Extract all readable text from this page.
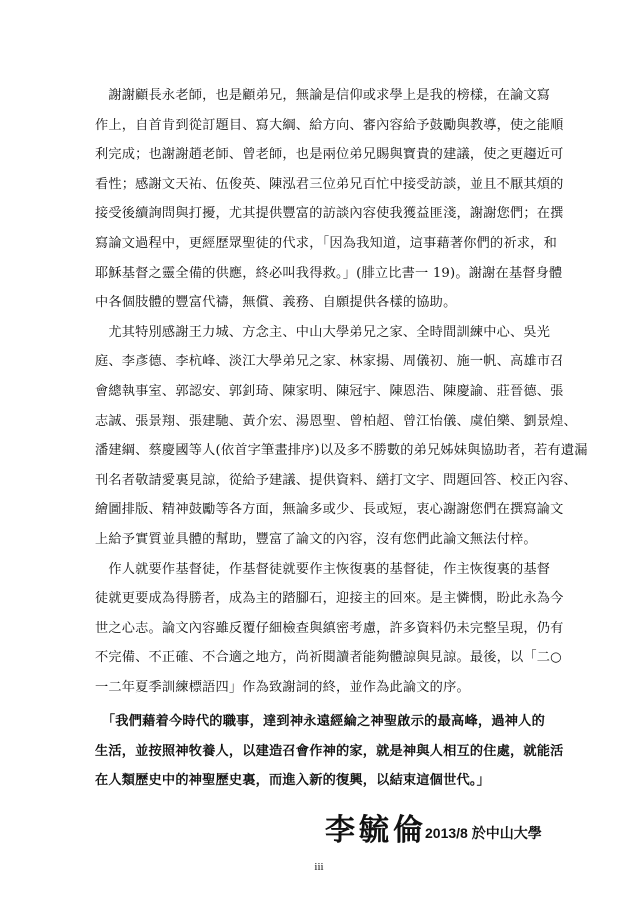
　謝謝顧長永老師，也是顧弟兄，無論是信仰或求學上是我的榜樣，在論文寫
作上，自首肯到從訂題目、寫大綱、給方向、審內容給予鼓勵與教導，使之能順
利完成；也謝謝趙老師、曾老師，也是兩位弟兄賜與寶貴的建議，使之更趨近可
看性；感謝文天祐、伍俊英、陳泓君三位弟兄百忙中接受訪談，並且不厭其煩的
接受後續詢問與打擾，尤其提供豐富的訪談內容使我獲益匪淺，謝謝您們；在撰
寫論文過程中，更經歷眾聖徒的代求，「因為我知道，這事藉著你們的祈求，和
耶穌基督之靈全備的供應，終必叫我得救。」(腓立比書一 19)。謝謝在基督身體
中各個肢體的豐富代禱，無償、義務、自願提供各樣的協助。
　尤其特別感謝王力城、方念主、中山大學弟兄之家、全時間訓練中心、吳光
庭、李彥德、李杭峰、淡江大學弟兄之家、林家揚、周儀初、施一帆、高雄市召
會總執事室、郭認安、郭釗琦、陳家明、陳冠宇、陳恩浩、陳慶諭、莊晉德、張
志誠、張景翔、張建馳、黃介宏、湯恩聖、曾柏超、曾江怡儀、虞伯樂、劉景煌、
潘建綱、蔡慶國等人(依首字筆畫排序)以及多不勝數的弟兄姊妹與協助者，若有遺漏
刊名者敬請愛裏見諒，從給予建議、提供資料、繕打文字、問題回答、校正內容、
繪圖排版、精神鼓勵等各方面，無論多或少、長或短，衷心謝謝您們在撰寫論文
上給予實質並具體的幫助，豐富了論文的內容，沒有您們此論文無法付梓。
　作人就要作基督徒，作基督徒就要作主恢復裏的基督徒，作主恢復裏的基督
徒就更要成為得勝者，成為主的踏腳石，迎接主的回來。是主憐憫，盼此永為今
世之心志。論文內容雖反覆仔細檢查與縝密考慮，許多資料仍未完整呈現，仍有
不完備、不正確、不合適之地方，尚祈閱讀者能夠體諒與見諒。最後，以「二○
一二年夏季訓練標語四」作為致謝詞的終，並作為此論文的序。
　「我們藉着今時代的職事，達到神永遠經綸之神聖啟示的最高峰，過神人的
李毓倫
2013/8 於中山大學
iii
生活，並按照神牧養人，以建造召會作神的家，就是神與人相互的住處，就能活
在人類歷史中的神聖歷史裏，而進入新的復興，以結束這個世代。」
